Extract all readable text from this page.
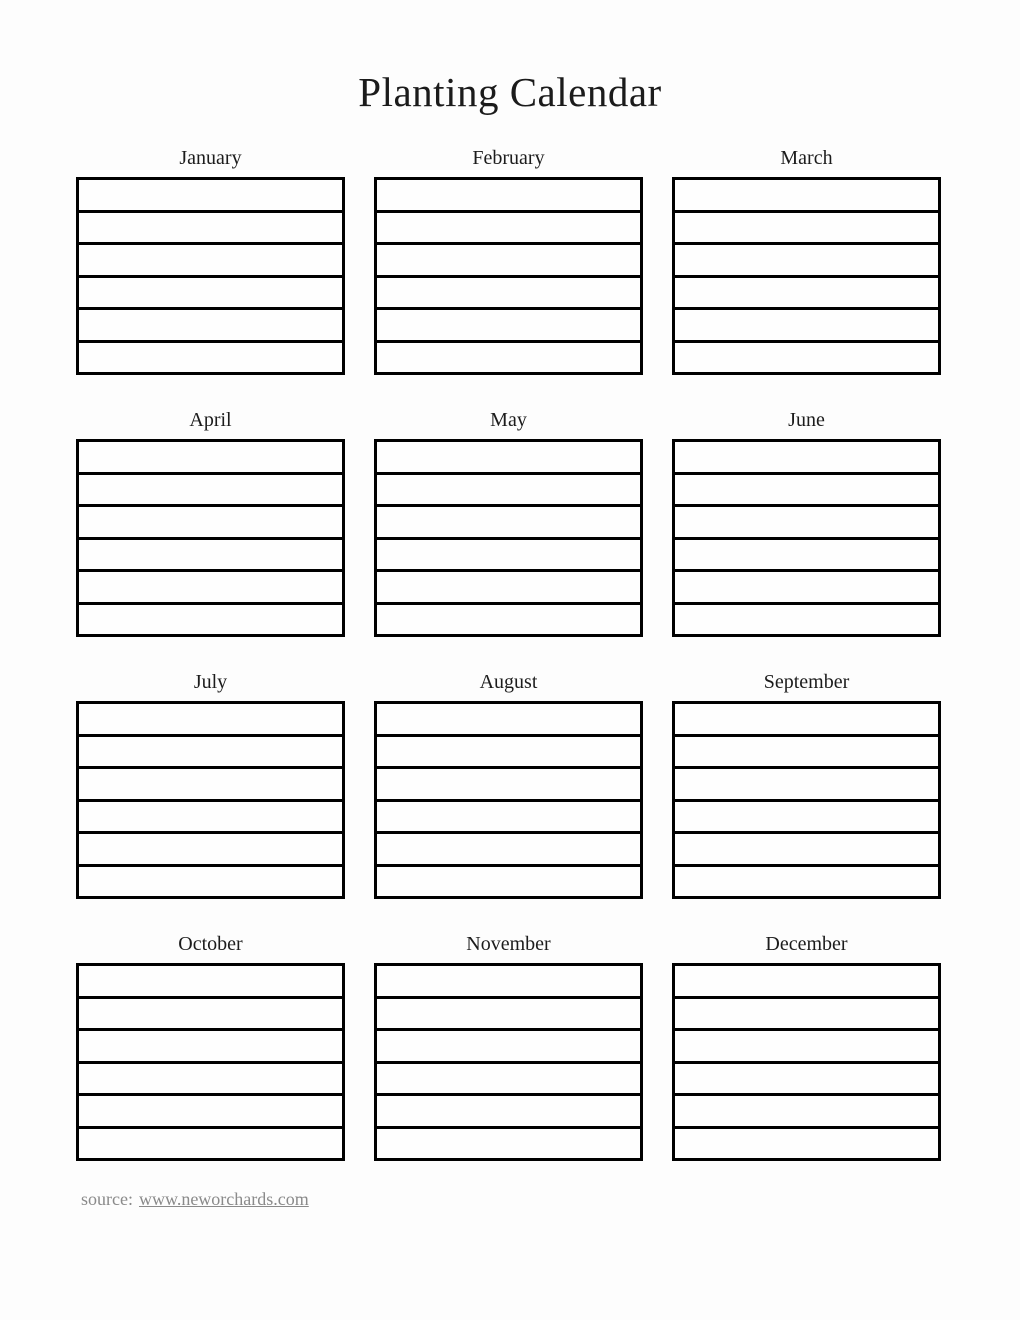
Planting Calendar
January	February	March
April	May	June
July	August	September
October	November	December

source: www.neworchards.com
